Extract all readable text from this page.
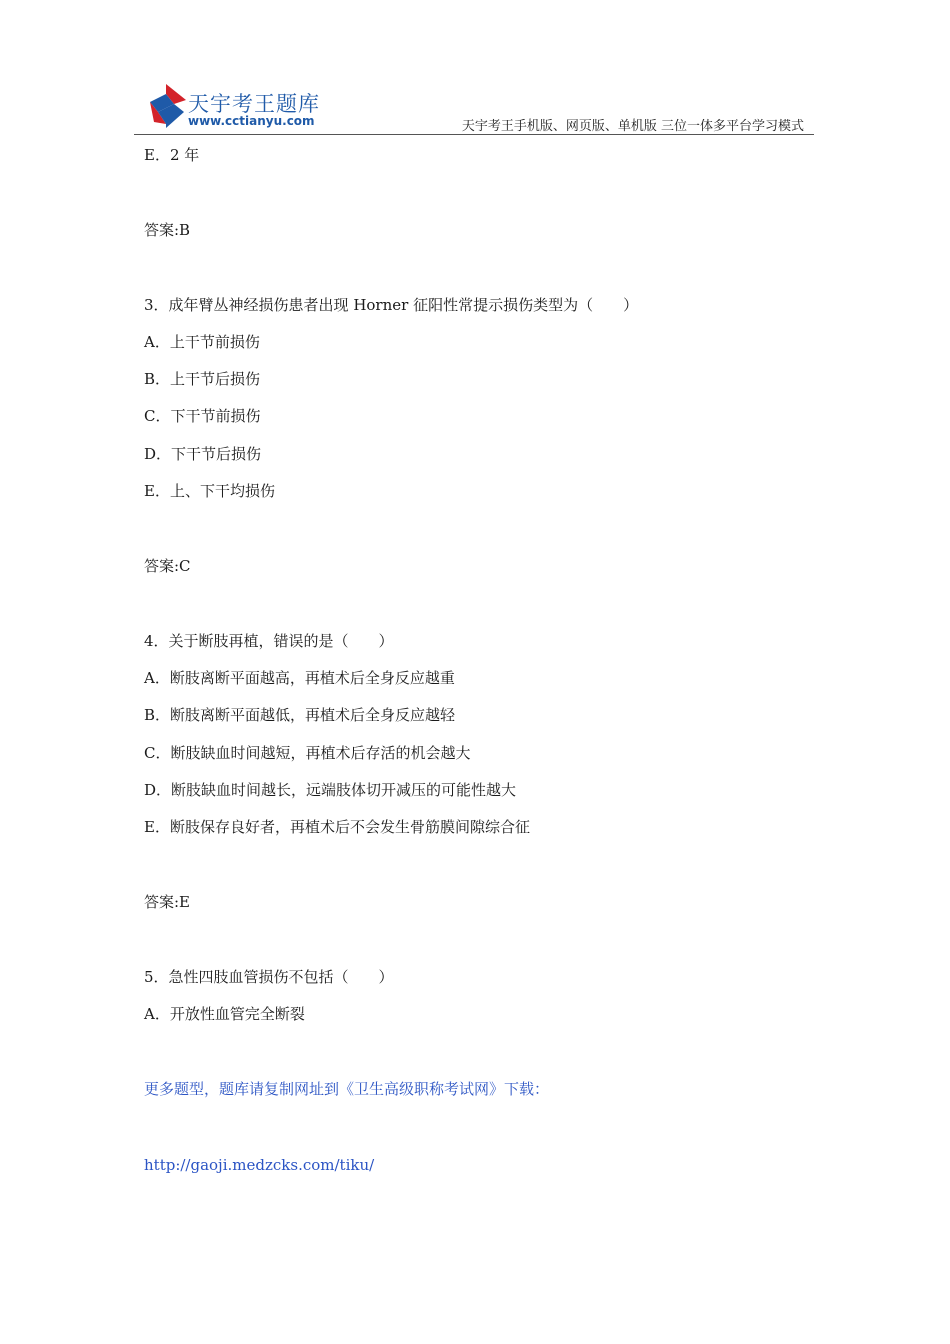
天宇考王题库
www.cctianyu.com	天宇考王手机版、网页版、单机版 三位一体多平台学习模式
E．2 年
答案:B
3．成年臂丛神经损伤患者出现 Horner 征阳性常提示损伤类型为（　　）
A．上干节前损伤
B．上干节后损伤
C．下干节前损伤
D．下干节后损伤
E．上、下干均损伤
答案:C
4．关于断肢再植，错误的是（　　）
A．断肢离断平面越高，再植术后全身反应越重
B．断肢离断平面越低，再植术后全身反应越轻
C．断肢缺血时间越短，再植术后存活的机会越大
D．断肢缺血时间越长，远端肢体切开减压的可能性越大
E．断肢保存良好者，再植术后不会发生骨筋膜间隙综合征
答案:E
5．急性四肢血管损伤不包括（　　）
A．开放性血管完全断裂
更多题型，题库请复制网址到《卫生高级职称考试网》下载：
http://gaoji.medzcks.com/tiku/
